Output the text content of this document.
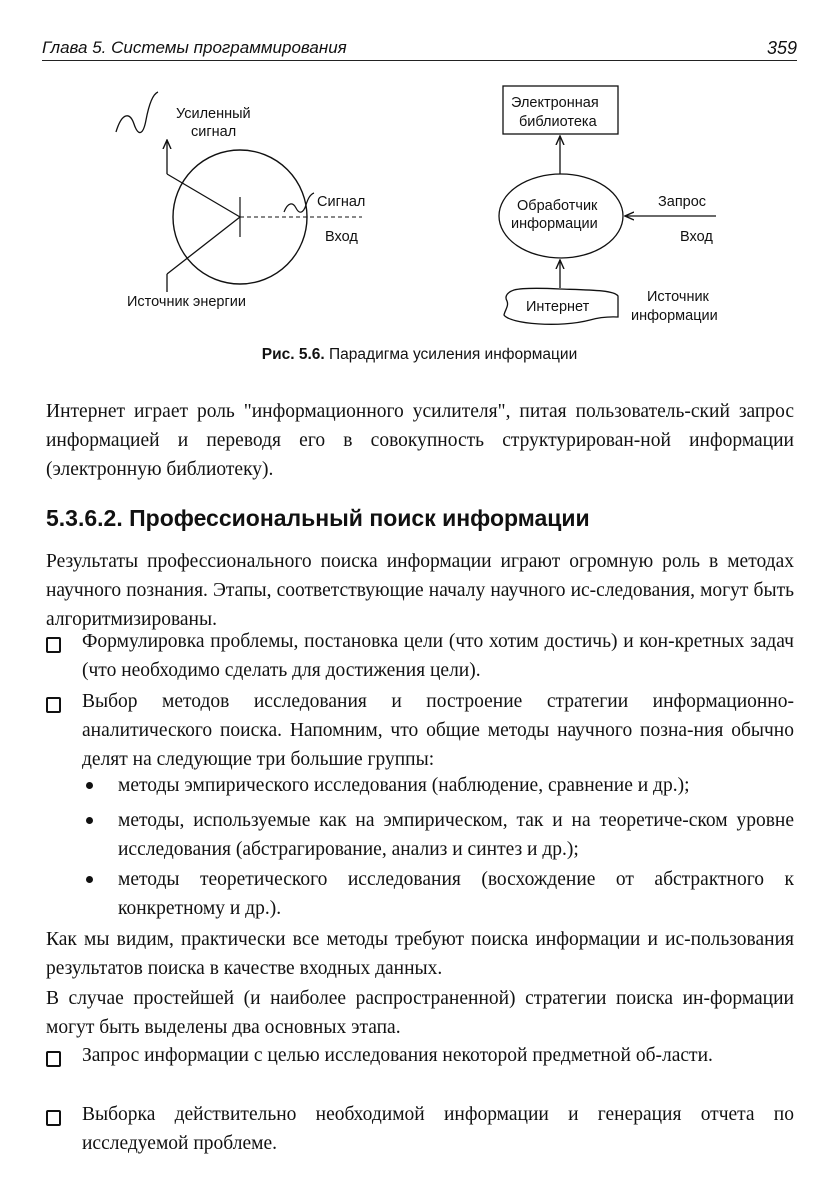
Глава 5. Системы программирования	359
Усиленный
сигнал
Сигнал
Вход
Источник энергии
Электронная
библиотека
Обработчик
информации
Запрос
Вход
Интернет
Источник
информации
Рис. 5.6. Парадигма усиления информации
Интернет играет роль "информационного усилителя", питая пользователь-ский запрос информацией и переводя его в совокупность структурирован-ной информации (электронную библиотеку).
5.3.6.2. Профессиональный поиск информации
Результаты профессионального поиска информации играют огромную роль в методах научного познания. Этапы, соответствующие началу научного ис-следования, могут быть алгоритмизированы.
Формулировка проблемы, постановка цели (что хотим достичь) и кон-кретных задач (что необходимо сделать для достижения цели).
Выбор методов исследования и построение стратегии информационно-аналитического поиска. Напомним, что общие методы научного позна-ния обычно делят на следующие три большие группы:
методы эмпирического исследования (наблюдение, сравнение и др.);
методы, используемые как на эмпирическом, так и на теоретиче-ском уровне исследования (абстрагирование, анализ и синтез и др.);
методы теоретического исследования (восхождение от абстрактного к конкретному и др.).
Как мы видим, практически все методы требуют поиска информации и ис-пользования результатов поиска в качестве входных данных.
В случае простейшей (и наиболее распространенной) стратегии поиска ин-формации могут быть выделены два основных этапа.
Запрос информации с целью исследования некоторой предметной об-ласти.
Выборка действительно необходимой информации и генерация отчета по исследуемой проблеме.
